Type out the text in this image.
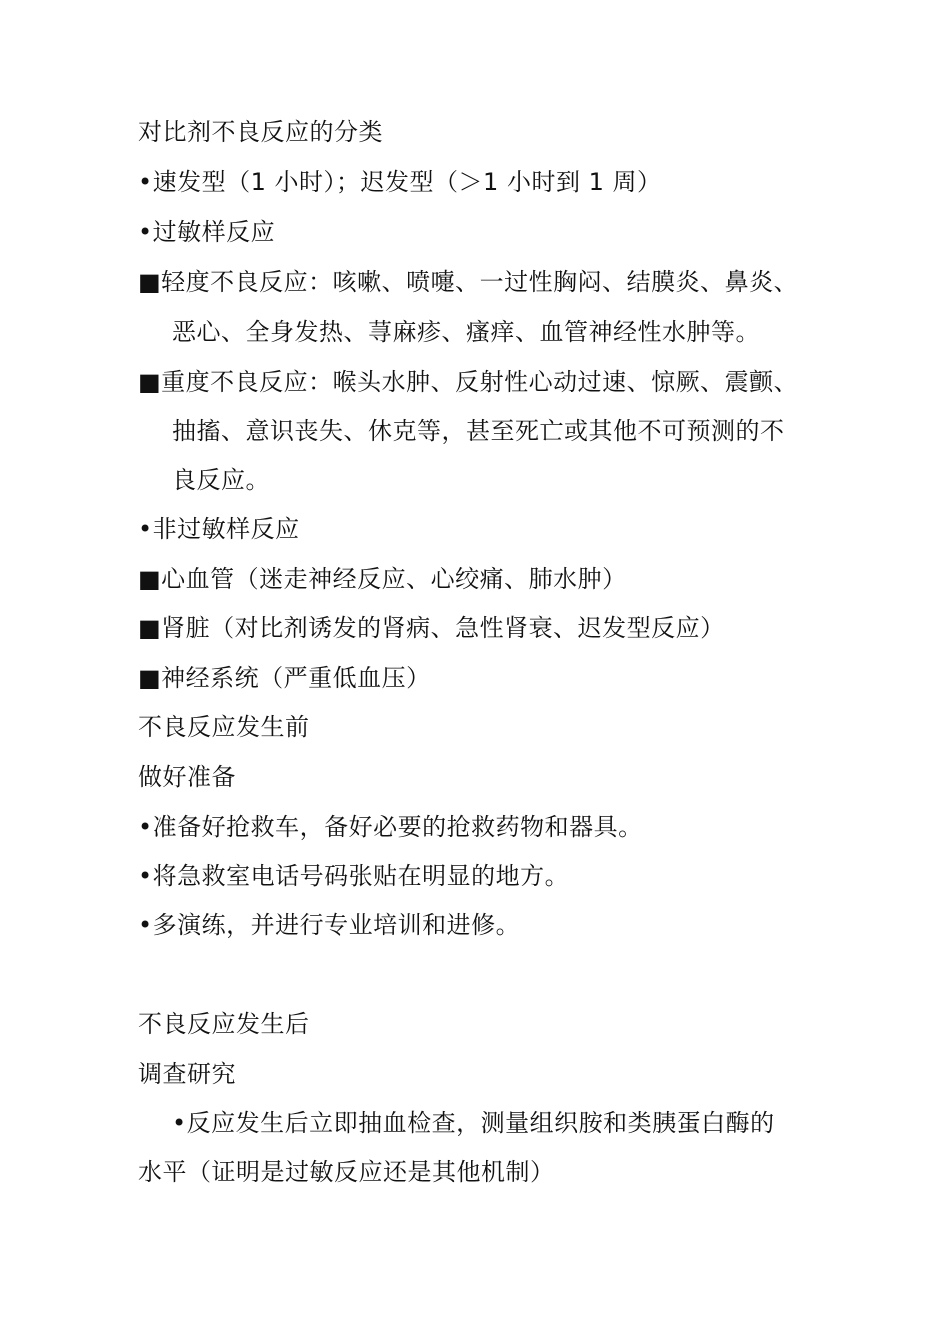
对比剂不良反应的分类
•速发型（1 小时）；迟发型（＞1 小时到 1 周）
•过敏样反应
■轻度不良反应：咳嗽、喷嚏、一过性胸闷、结膜炎、鼻炎、
恶心、全身发热、荨麻疹、瘙痒、血管神经性水肿等。
■重度不良反应：喉头水肿、反射性心动过速、惊厥、震颤、
抽搐、意识丧失、休克等，甚至死亡或其他不可预测的不
良反应。
•非过敏样反应
■心血管（迷走神经反应、心绞痛、肺水肿）
■肾脏（对比剂诱发的肾病、急性肾衰、迟发型反应）
■神经系统（严重低血压）
不良反应发生前
做好准备
•准备好抢救车，备好必要的抢救药物和器具。
•将急救室电话号码张贴在明显的地方。
•多演练，并进行专业培训和进修。
不良反应发生后
调查研究
•反应发生后立即抽血检查，测量组织胺和类胰蛋白酶的
水平（证明是过敏反应还是其他机制）
